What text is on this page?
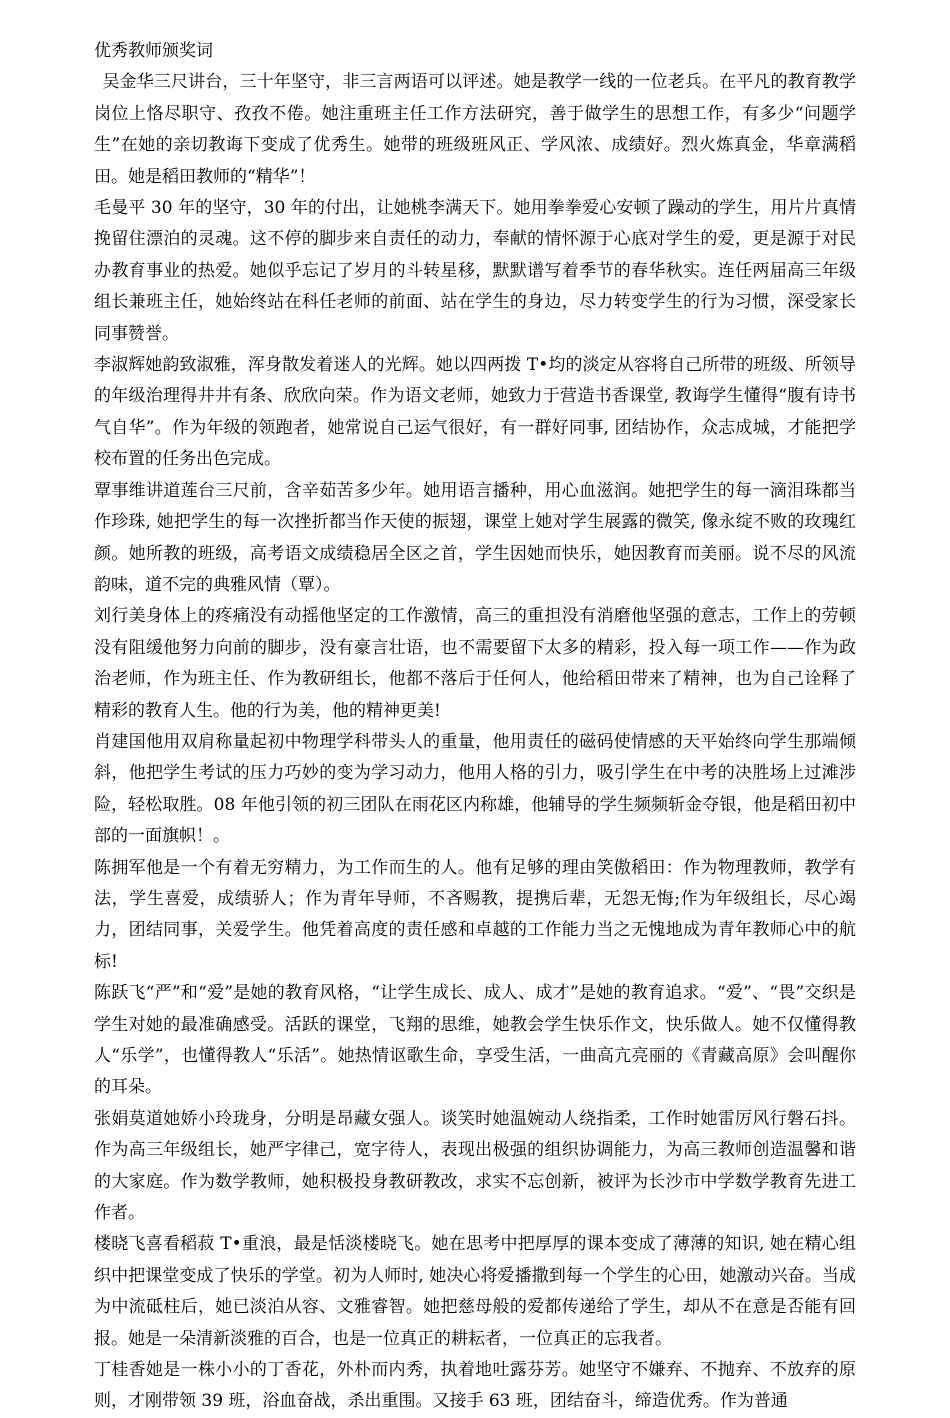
优秀教师颁奖词

吴金华三尺讲台，三十年坚守，非三言两语可以评述。她是教学一线的一位老兵。在平凡的教育教学岗位上恪尽职守、孜孜不倦。她注重班主任工作方法研究，善于做学生的思想工作，有多少“问题学生”在她的亲切教诲下变成了优秀生。她带的班级班风正、学风浓、成绩好。烈火炼真金，华章满稻田。她是稻田教师的“精华”！

毛曼平 30 年的坚守，30 年的付出，让她桃李满天下。她用拳拳爱心安顿了躁动的学生，用片片真情挽留住漂泊的灵魂。这不停的脚步来自责任的动力，奉献的情怀源于心底对学生的爱，更是源于对民办教育事业的热爱。她似乎忘记了岁月的斗转星移，默默谱写着季节的春华秋实。连任两届高三年级组长兼班主任，她始终站在科任老师的前面、站在学生的身边，尽力转变学生的行为习惯，深受家长同事赞誉。

李淑辉她韵致淑雅，浑身散发着迷人的光辉。她以四两拨 T•均的淡定从容将自己所带的班级、所领导的年级治理得井井有条、欣欣向荣。作为语文老师，她致力于营造书香课堂, 教诲学生懂得“腹有诗书气自华”。作为年级的领跑者，她常说自己运气很好，有一群好同事, 团结协作，众志成城，才能把学校布置的任务出色完成。

覃事维讲道莲台三尺前，含辛茹苦多少年。她用语言播种，用心血滋润。她把学生的每一滴泪珠都当作珍珠, 她把学生的每一次挫折都当作天使的振翅，课堂上她对学生展露的微笑, 像永绽不败的玫瑰红颜。她所教的班级，高考语文成绩稳居全区之首，学生因她而快乐，她因教育而美丽。说不尽的风流韵味，道不完的典雅风情（覃）。

刘行美身体上的疼痛没有动摇他坚定的工作激情，高三的重担没有消磨他坚强的意志，工作上的劳顿没有阻缓他努力向前的脚步，没有豪言壮语，也不需要留下太多的精彩，投入每一项工作——作为政治老师，作为班主任、作为教研组长，他都不落后于任何人，他给稻田带来了精神，也为自己诠释了精彩的教育人生。他的行为美，他的精神更美!

肖建国他用双肩称量起初中物理学科带头人的重量，他用责任的磁码使情感的天平始终向学生那端倾斜，他把学生考试的压力巧妙的变为学习动力，他用人格的引力，吸引学生在中考的决胜场上过滩涉险，轻松取胜。08 年他引领的初三团队在雨花区内称雄，他辅导的学生频频斩金夺银，他是稻田初中部的一面旗帜！。

陈拥军他是一个有着无穷精力，为工作而生的人。他有足够的理由笑傲稻田：作为物理教师，教学有法，学生喜爱，成绩骄人；作为青年导师，不吝赐教，提携后辈，无怨无悔;作为年级组长，尽心竭力，团结同事，关爱学生。他凭着高度的责任感和卓越的工作能力当之无愧地成为青年教师心中的航标!

陈跃飞“严”和“爱”是她的教育风格，“让学生成长、成人、成才”是她的教育追求。“爱”、“畏”交织是学生对她的最准确感受。活跃的课堂，飞翔的思维，她教会学生快乐作文，快乐做人。她不仅懂得教人“乐学”，也懂得教人“乐活”。她热情讴歌生命，享受生活，一曲高亢亮丽的《青藏高原》会叫醒你的耳朵。

张娟莫道她娇小玲珑身，分明是昂藏女强人。谈笑时她温婉动人绕指柔，工作时她雷厉风行磐石抖。作为高三年级组长，她严字律己，宽字待人，表现出极强的组织协调能力，为高三教师创造温馨和谐的大家庭。作为数学教师，她积极投身教研教改，求实不忘创新，被评为长沙市中学数学教育先进工作者。

楼晓飞喜看稻菽 T•重浪，最是恬淡楼晓飞。她在思考中把厚厚的课本变成了薄薄的知识, 她在精心组织中把课堂变成了快乐的学堂。初为人师时, 她决心将爱播撒到每一个学生的心田，她激动兴奋。当成为中流砥柱后，她已淡泊从容、文雅睿智。她把慈母般的爱都传递给了学生，却从不在意是否能有回报。她是一朵清新淡雅的百合，也是一位真正的耕耘者，一位真正的忘我者。

丁桂香她是一株小小的丁香花，外朴而内秀，执着地吐露芬芳。她坚守不嫌弃、不抛弃、不放弃的原则，才刚带领 39 班，浴血奋战，杀出重围。又接手 63 班，团结奋斗，缔造优秀。作为普通
